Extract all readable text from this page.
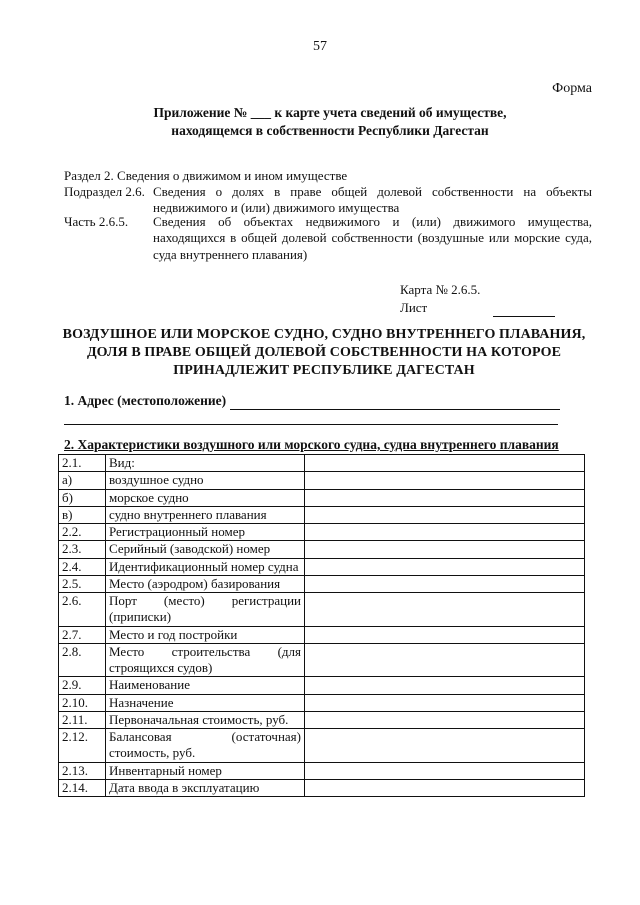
57
Форма
Приложение № ___ к карте учета сведений об имуществе,
находящемся в собственности Республики Дагестан
Раздел 2. Сведения о движимом и ином имуществе
Подраздел 2.6. Сведения о долях в праве общей долевой собственности на объекты недвижимого и (или) движимого имущества
Часть 2.6.5.	Сведения об объектах недвижимого и (или) движимого имущества, находящихся в общей долевой собственности (воздушные или морские суда, суда внутреннего плавания)
Карта № 2.6.5.
Лист
ВОЗДУШНОЕ ИЛИ МОРСКОЕ СУДНО, СУДНО ВНУТРЕННЕГО ПЛАВАНИЯ,
ДОЛЯ В ПРАВЕ ОБЩЕЙ ДОЛЕВОЙ СОБСТВЕННОСТИ НА КОТОРОЕ
ПРИНАДЛЕЖИТ РЕСПУБЛИКЕ ДАГЕСТАН
1. Адрес (местоположение)
2. Характеристики воздушного или морского судна, судна внутреннего плавания
2.1.	Вид:	
а)	воздушное судно	
б)	морское судно	
в)	судно внутреннего плавания	
2.2.	Регистрационный номер	
2.3.	Серийный (заводской) номер	
2.4.	Идентификационный номер судна	
2.5.	Место (аэродром) базирования	
2.6.	Порт (место) регистрации (приписки)	
2.7.	Место и год постройки	
2.8.	Место строительства (для строящихся судов)	
2.9.	Наименование	
2.10.	Назначение	
2.11.	Первоначальная стоимость, руб.	
2.12.	Балансовая (остаточная) стоимость, руб.	
2.13.	Инвентарный номер	
2.14.	Дата ввода в эксплуатацию	
